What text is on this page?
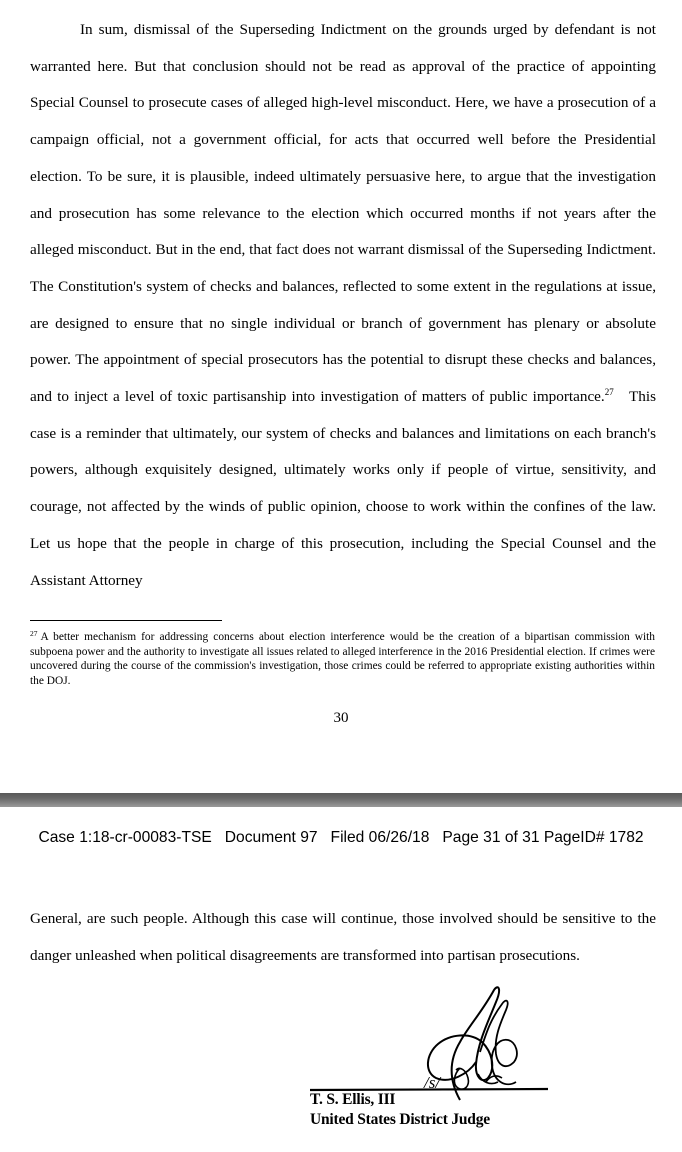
In sum, dismissal of the Superseding Indictment on the grounds urged by defendant is not warranted here. But that conclusion should not be read as approval of the practice of appointing Special Counsel to prosecute cases of alleged high-level misconduct. Here, we have a prosecution of a campaign official, not a government official, for acts that occurred well before the Presidential election. To be sure, it is plausible, indeed ultimately persuasive here, to argue that the investigation and prosecution has some relevance to the election which occurred months if not years after the alleged misconduct. But in the end, that fact does not warrant dismissal of the Superseding Indictment. The Constitution's system of checks and balances, reflected to some extent in the regulations at issue, are designed to ensure that no single individual or branch of government has plenary or absolute power. The appointment of special prosecutors has the potential to disrupt these checks and balances, and to inject a level of toxic partisanship into investigation of matters of public importance.$^{27}$ This case is a reminder that ultimately, our system of checks and balances and limitations on each branch's powers, although exquisitely designed, ultimately works only if people of virtue, sensitivity, and courage, not affected by the winds of public opinion, choose to work within the confines of the law. Let us hope that the people in charge of this prosecution, including the Special Counsel and the Assistant Attorney
$^{27}$ A better mechanism for addressing concerns about election interference would be the creation of a bipartisan commission with subpoena power and the authority to investigate all issues related to alleged interference in the 2016 Presidential election. If crimes were uncovered during the course of the commission's investigation, those crimes could be referred to appropriate existing authorities within the DOJ.
30
Case 1:18-cr-00083-TSE Document 97 Filed 06/26/18 Page 31 of 31 PageID# 1782
General, are such people. Although this case will continue, those involved should be sensitive to the danger unleashed when political disagreements are transformed into partisan prosecutions.
/s/
T. S. Ellis, III
United States District Judge
